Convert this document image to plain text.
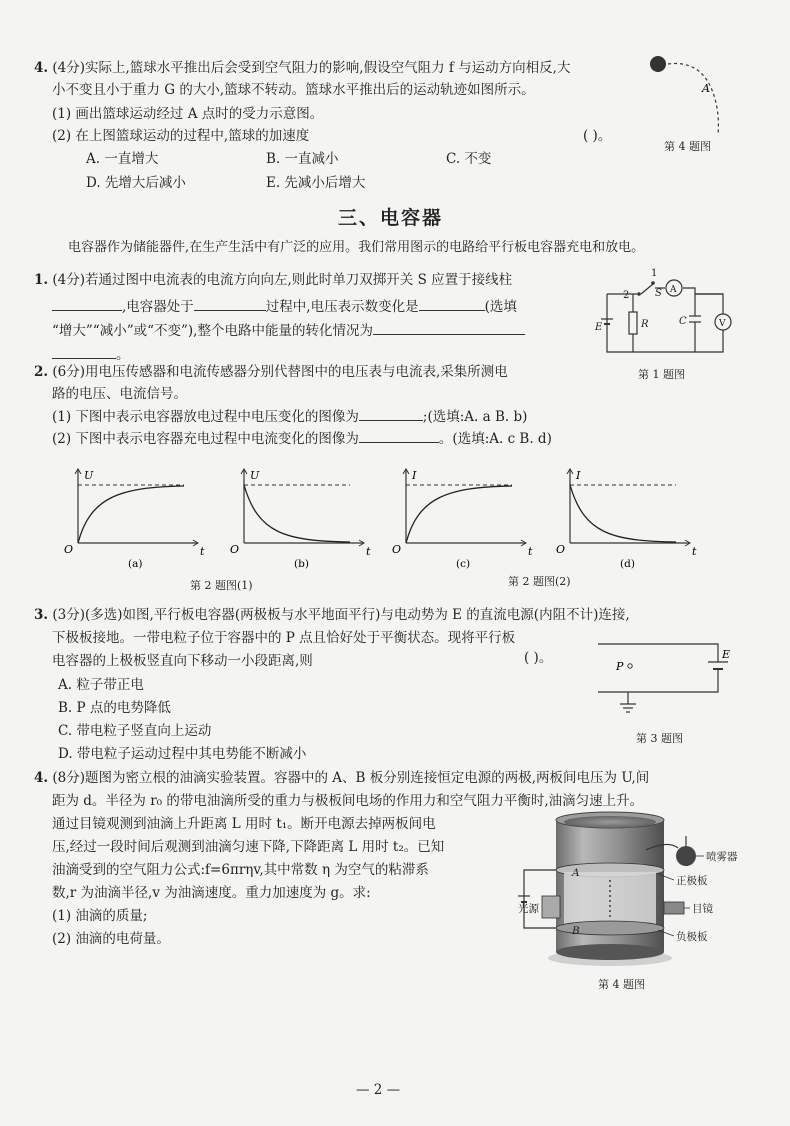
4. (4分)实际上,篮球水平推出后会受到空气阻力的影响,假设空气阻力 f 与运动方向相反,大
小不变且小于重力 G 的大小,篮球不转动。篮球水平推出后的运动轨迹如图所示。
(1) 画出篮球运动经过 A 点时的受力示意图。
(2) 在上图篮球运动的过程中,篮球的加速度	( )。
A. 一直增大	B. 一直减小	C. 不变
D. 先增大后减小	E. 先减小后增大
A
第 4 题图
三、电容器
电容器作为储能器件,在生产生活中有广泛的应用。我们常用图示的电路给平行板电容器充电和放电。
1. (4分)若通过图中电流表的电流方向向左,则此时单刀双掷开关 S 应置于接线柱
,电容器处于	过程中,电压表示数变化是	(选填
“增大”“减小”或“不变”),整个电路中能量的转化情况为
。
1
2	S A
V
E	R	C
第 1 题图
2. (6分)用电压传感器和电流传感器分别代替图中的电压表与电流表,采集所测电
路的电压、电流信号。
(1) 下图中表示电容器放电过程中电压变化的图像为	;(选填:A. a B. b)
(2) 下图中表示电容器充电过程中电流变化的图像为	。(选填:A. c B. d)
U
t
O
(a)
U
t
O
(b)
I
t
O
(c)
I
t
O
(d)
第 2 题图(1)	第 2 题图(2)
3. (3分)(多选)如图,平行板电容器(两极板与水平地面平行)与电动势为 E 的直流电源(内阻不计)连接,
下极板接地。一带电粒子位于容器中的 P 点且恰好处于平衡状态。现将平行板
电容器的上极板竖直向下移动一小段距离,则	( )。
A. 粒子带正电
B. P 点的电势降低
C. 带电粒子竖直向上运动
D. 带电粒子运动过程中其电势能不断减小
P
E
第 3 题图
4. (8分)题图为密立根的油滴实验装置。容器中的 A、B 板分别连接恒定电源的两极,两板间电压为 U,间
距为 d。半径为 r₀ 的带电油滴所受的重力与极板间电场的作用力和空气阻力平衡时,油滴匀速上升。
通过目镜观测到油滴上升距离 L 用时 t₁。断开电源去掉两板间电
压,经过一段时间后观测到油滴匀速下降,下降距离 L 用时 t₂。已知
油滴受到的空气阻力公式:f=6πrηv,其中常数 η 为空气的粘滞系
数,r 为油滴半径,v 为油滴速度。重力加速度为 g。求:
(1) 油滴的质量;
(2) 油滴的电荷量。
喷雾器
正极板
目镜
负极板
光源
A
B
第 4 题图
— 2 —
